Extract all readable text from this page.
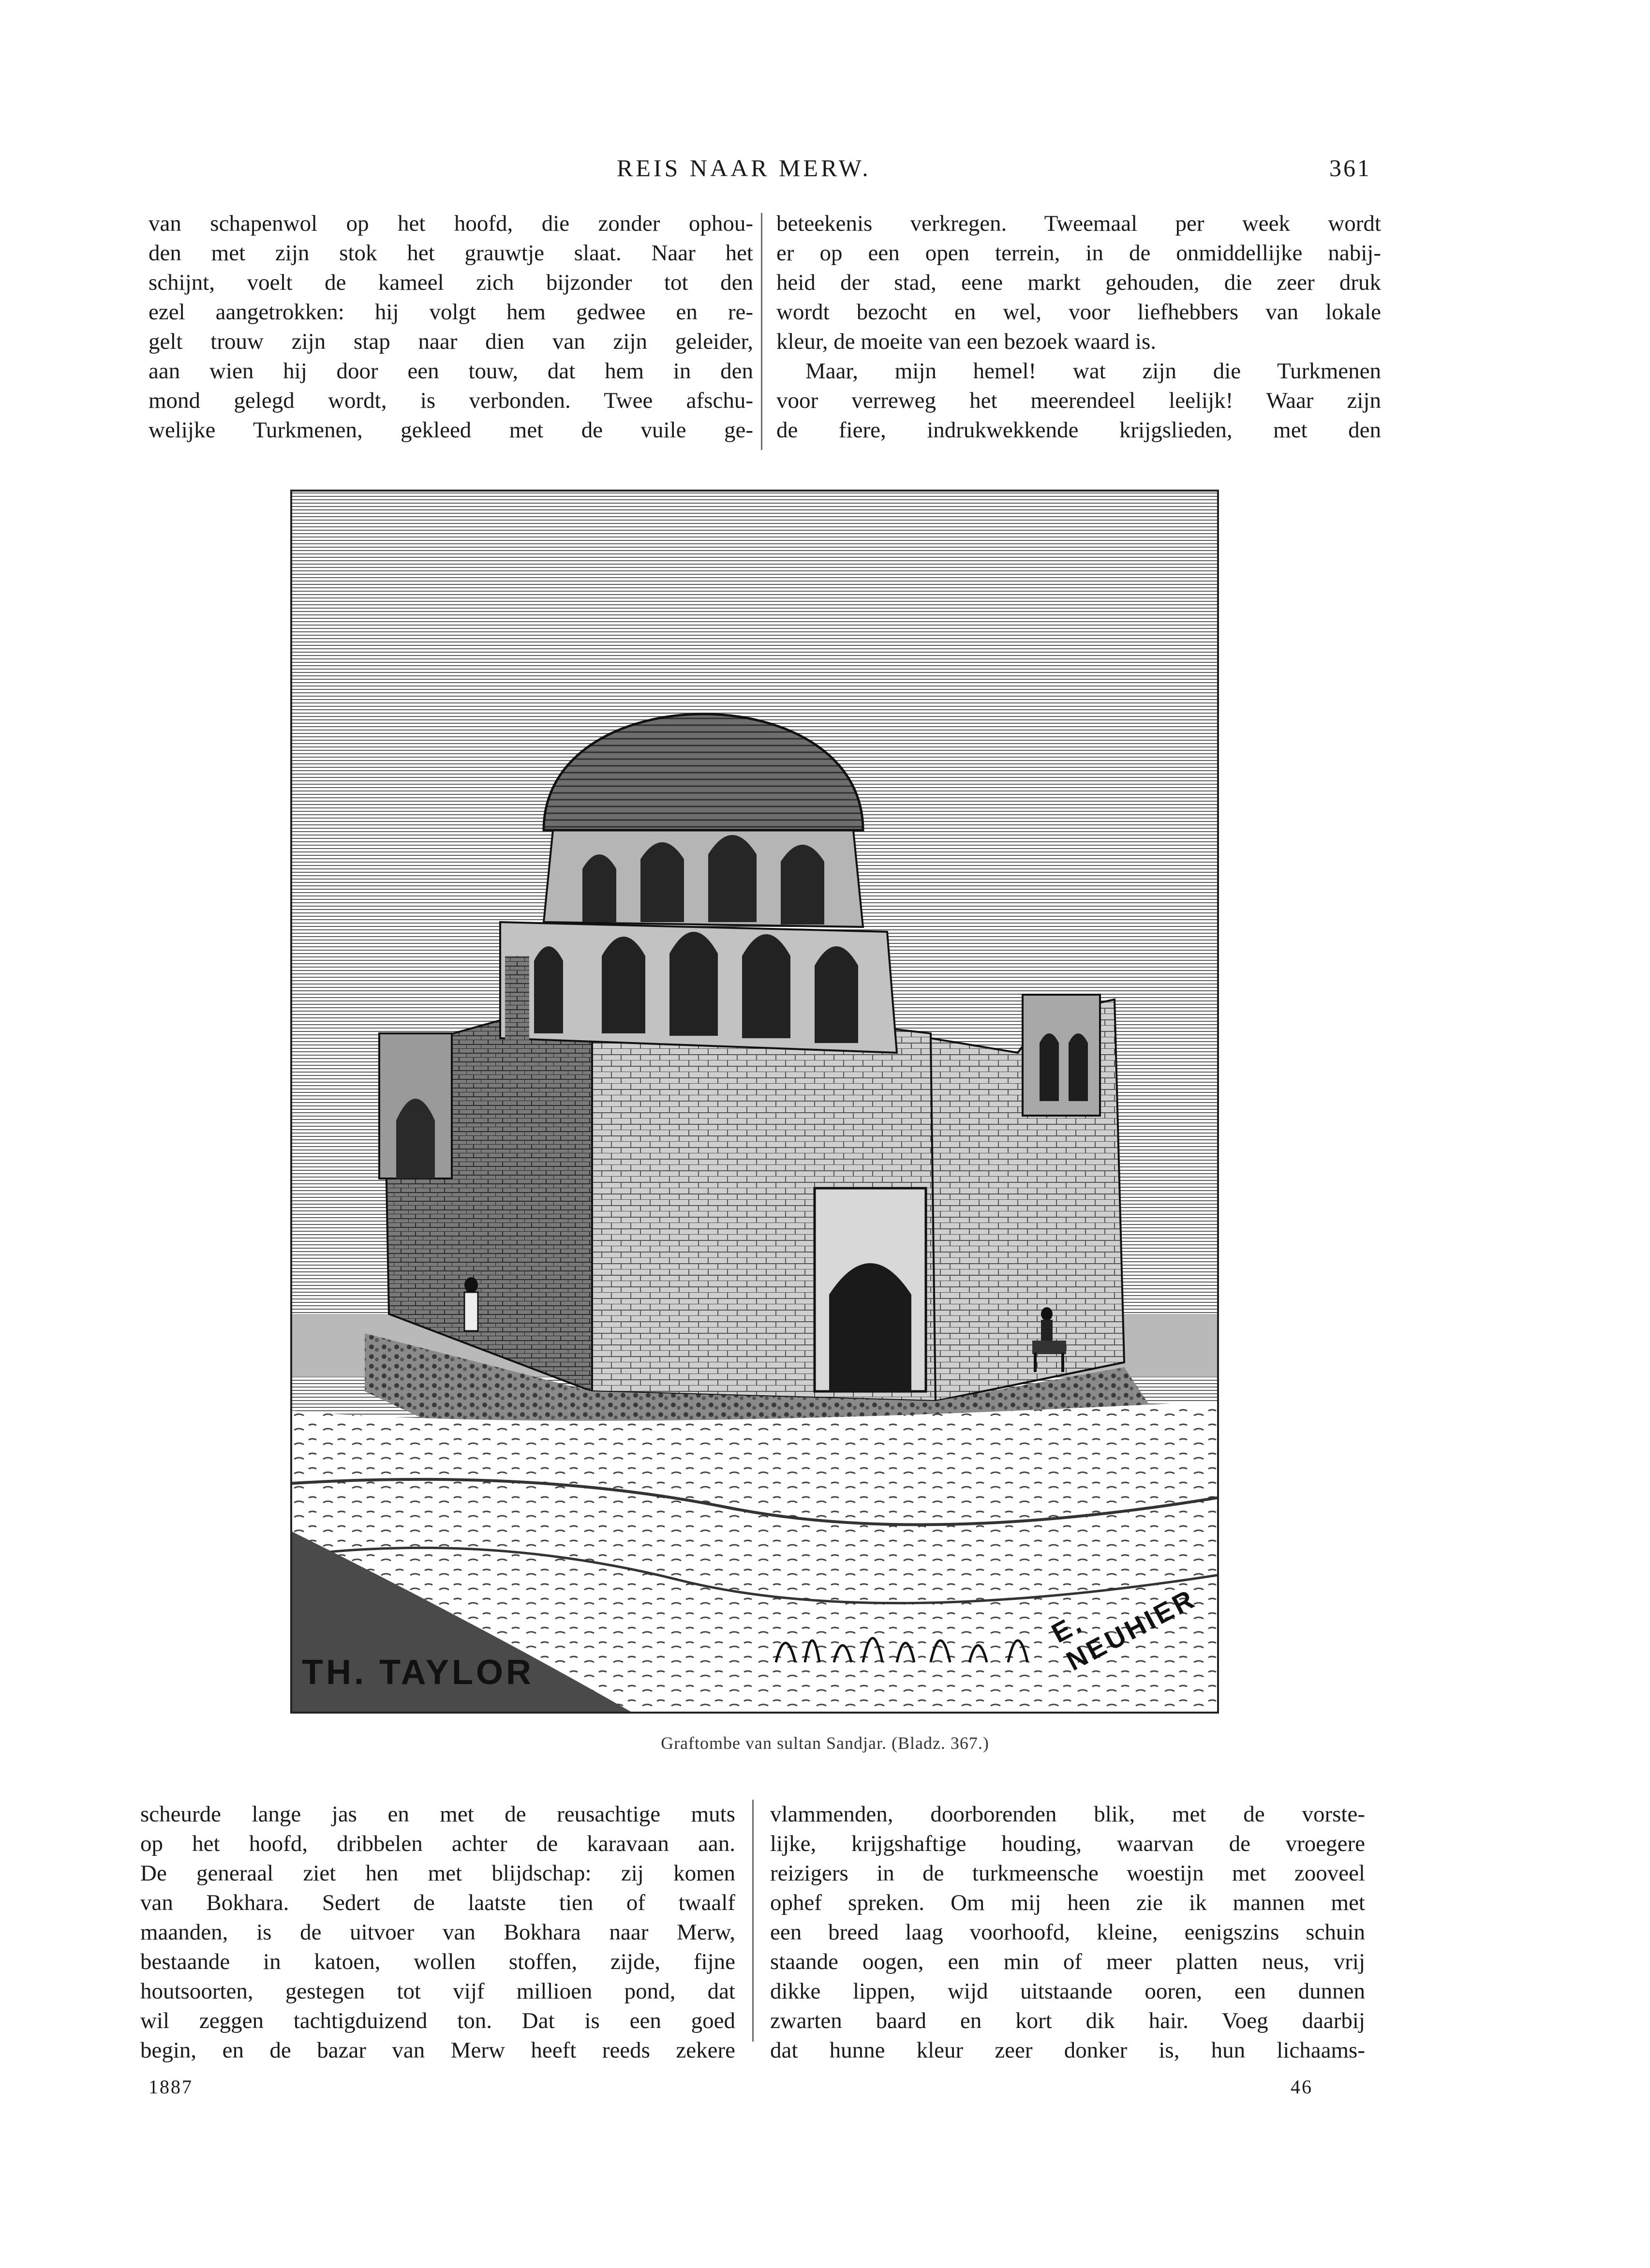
REIS NAAR MERW.	361
van schapenwol op het hoofd, die zonder ophou-
den met zijn stok het grauwtje slaat. Naar het
schijnt, voelt de kameel zich bijzonder tot den
ezel aangetrokken: hij volgt hem gedwee en re-
gelt trouw zijn stap naar dien van zijn geleider,
aan wien hij door een touw, dat hem in den
mond gelegd wordt, is verbonden. Twee afschu-
welijke Turkmenen, gekleed met de vuile ge-
beteekenis verkregen. Tweemaal per week wordt
er op een open terrein, in de onmiddellijke nabij-
heid der stad, eene markt gehouden, die zeer druk
wordt bezocht en wel, voor liefhebbers van lokale
kleur, de moeite van een bezoek waard is.
Maar, mijn hemel! wat zijn die Turkmenen
voor verreweg het meerendeel leelijk! Waar zijn
de fiere, indrukwekkende krijgslieden, met den
TH. TAYLOR
E. NEUHIER
Graftombe van sultan Sandjar. (Bladz. 367.)
scheurde lange jas en met de reusachtige muts
op het hoofd, dribbelen achter de karavaan aan.
De generaal ziet hen met blijdschap: zij komen
van Bokhara. Sedert de laatste tien of twaalf
maanden, is de uitvoer van Bokhara naar Merw,
bestaande in katoen, wollen stoffen, zijde, fijne
houtsoorten, gestegen tot vijf millioen pond, dat
wil zeggen tachtigduizend ton. Dat is een goed
begin, en de bazar van Merw heeft reeds zekere
vlammenden, doorborenden blik, met de vorste-
lijke, krijgshaftige houding, waarvan de vroegere
reizigers in de turkmeensche woestijn met zooveel
ophef spreken. Om mij heen zie ik mannen met
een breed laag voorhoofd, kleine, eenigszins schuin
staande oogen, een min of meer platten neus, vrij
dikke lippen, wijd uitstaande ooren, een dunnen
zwarten baard en kort dik hair. Voeg daarbij
dat hunne kleur zeer donker is, hun lichaams-
1887	46
